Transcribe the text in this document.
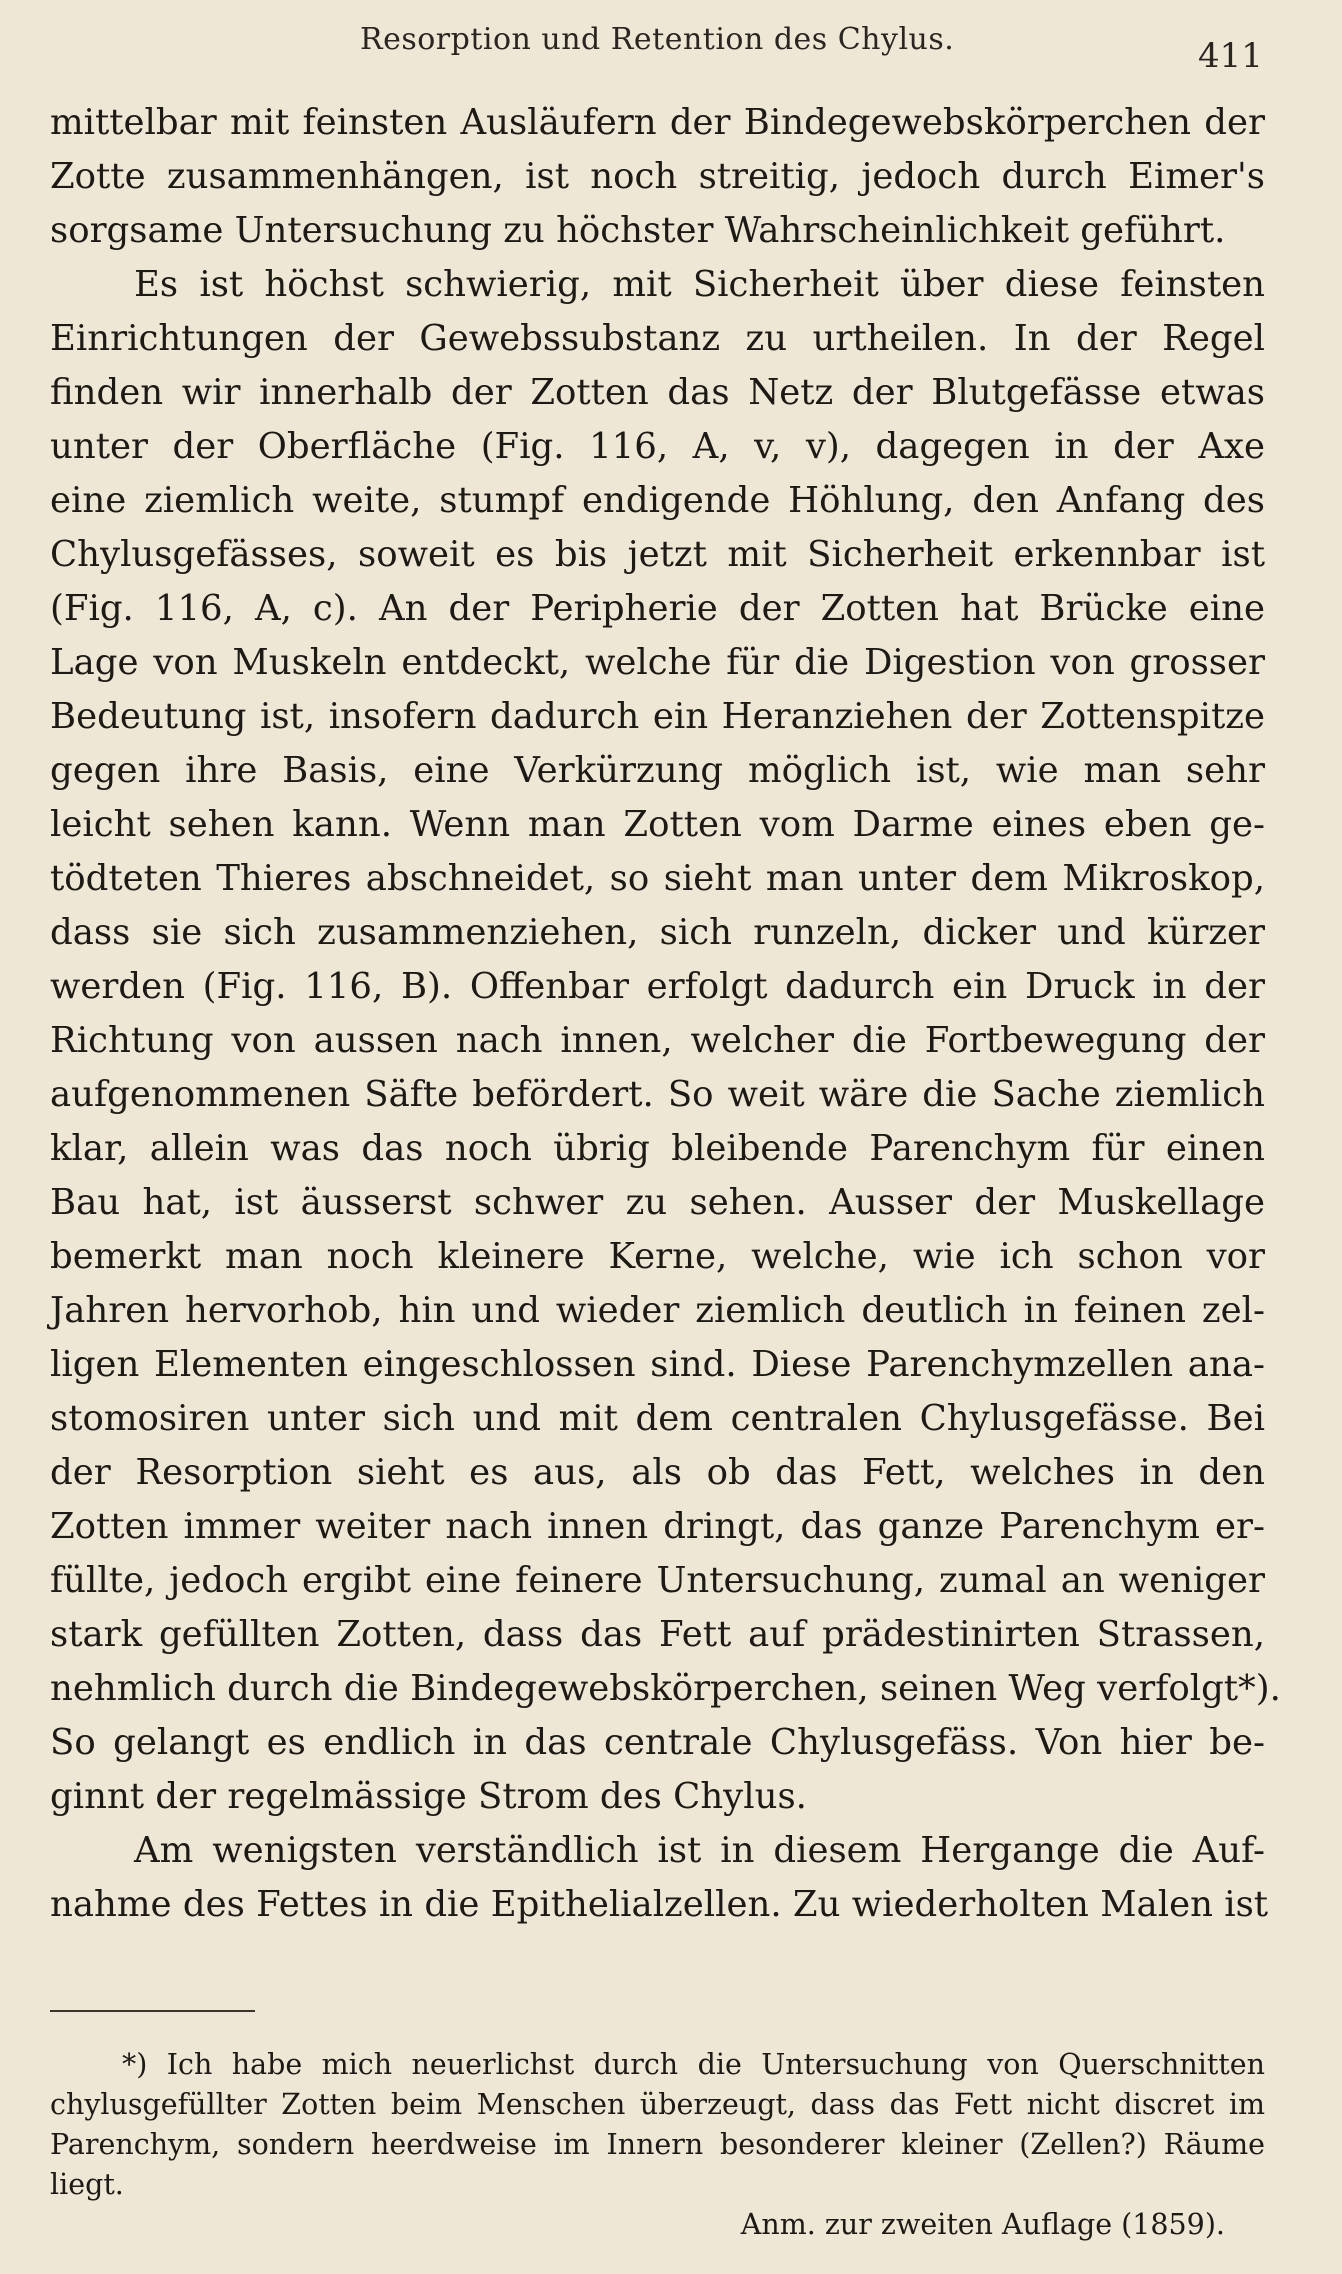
Resorption und Retention des Chylus.	411
mittelbar mit feinsten Ausläufern der Bindegewebskörperchen der
Zotte zusammenhängen, ist noch streitig, jedoch durch Eimer's
sorgsame Untersuchung zu höchster Wahrscheinlichkeit geführt.
Es ist höchst schwierig, mit Sicherheit über diese feinsten
Einrichtungen der Gewebssubstanz zu urtheilen. In der Regel
finden wir innerhalb der Zotten das Netz der Blutgefässe etwas
unter der Oberfläche (Fig. 116, A, v, v), dagegen in der Axe
eine ziemlich weite, stumpf endigende Höhlung, den Anfang des
Chylusgefässes, soweit es bis jetzt mit Sicherheit erkennbar ist
(Fig. 116, A, c). An der Peripherie der Zotten hat Brücke eine
Lage von Muskeln entdeckt, welche für die Digestion von grosser
Bedeutung ist, insofern dadurch ein Heranziehen der Zottenspitze
gegen ihre Basis, eine Verkürzung möglich ist, wie man sehr
leicht sehen kann. Wenn man Zotten vom Darme eines eben ge-
tödteten Thieres abschneidet, so sieht man unter dem Mikroskop,
dass sie sich zusammenziehen, sich runzeln, dicker und kürzer
werden (Fig. 116, B). Offenbar erfolgt dadurch ein Druck in der
Richtung von aussen nach innen, welcher die Fortbewegung der
aufgenommenen Säfte befördert. So weit wäre die Sache ziemlich
klar, allein was das noch übrig bleibende Parenchym für einen
Bau hat, ist äusserst schwer zu sehen. Ausser der Muskellage
bemerkt man noch kleinere Kerne, welche, wie ich schon vor
Jahren hervorhob, hin und wieder ziemlich deutlich in feinen zel-
ligen Elementen eingeschlossen sind. Diese Parenchymzellen ana-
stomosiren unter sich und mit dem centralen Chylusgefässe. Bei
der Resorption sieht es aus, als ob das Fett, welches in den
Zotten immer weiter nach innen dringt, das ganze Parenchym er-
füllte, jedoch ergibt eine feinere Untersuchung, zumal an weniger
stark gefüllten Zotten, dass das Fett auf prädestinirten Strassen,
nehmlich durch die Bindegewebskörperchen, seinen Weg verfolgt*).
So gelangt es endlich in das centrale Chylusgefäss. Von hier be-
ginnt der regelmässige Strom des Chylus.
Am wenigsten verständlich ist in diesem Hergange die Auf-
nahme des Fettes in die Epithelialzellen. Zu wiederholten Malen ist
*) Ich habe mich neuerlichst durch die Untersuchung von Querschnitten
chylusgefüllter Zotten beim Menschen überzeugt, dass das Fett nicht discret im
Parenchym, sondern heerdweise im Innern besonderer kleiner (Zellen?) Räume
liegt.
Anm. zur zweiten Auflage (1859).
